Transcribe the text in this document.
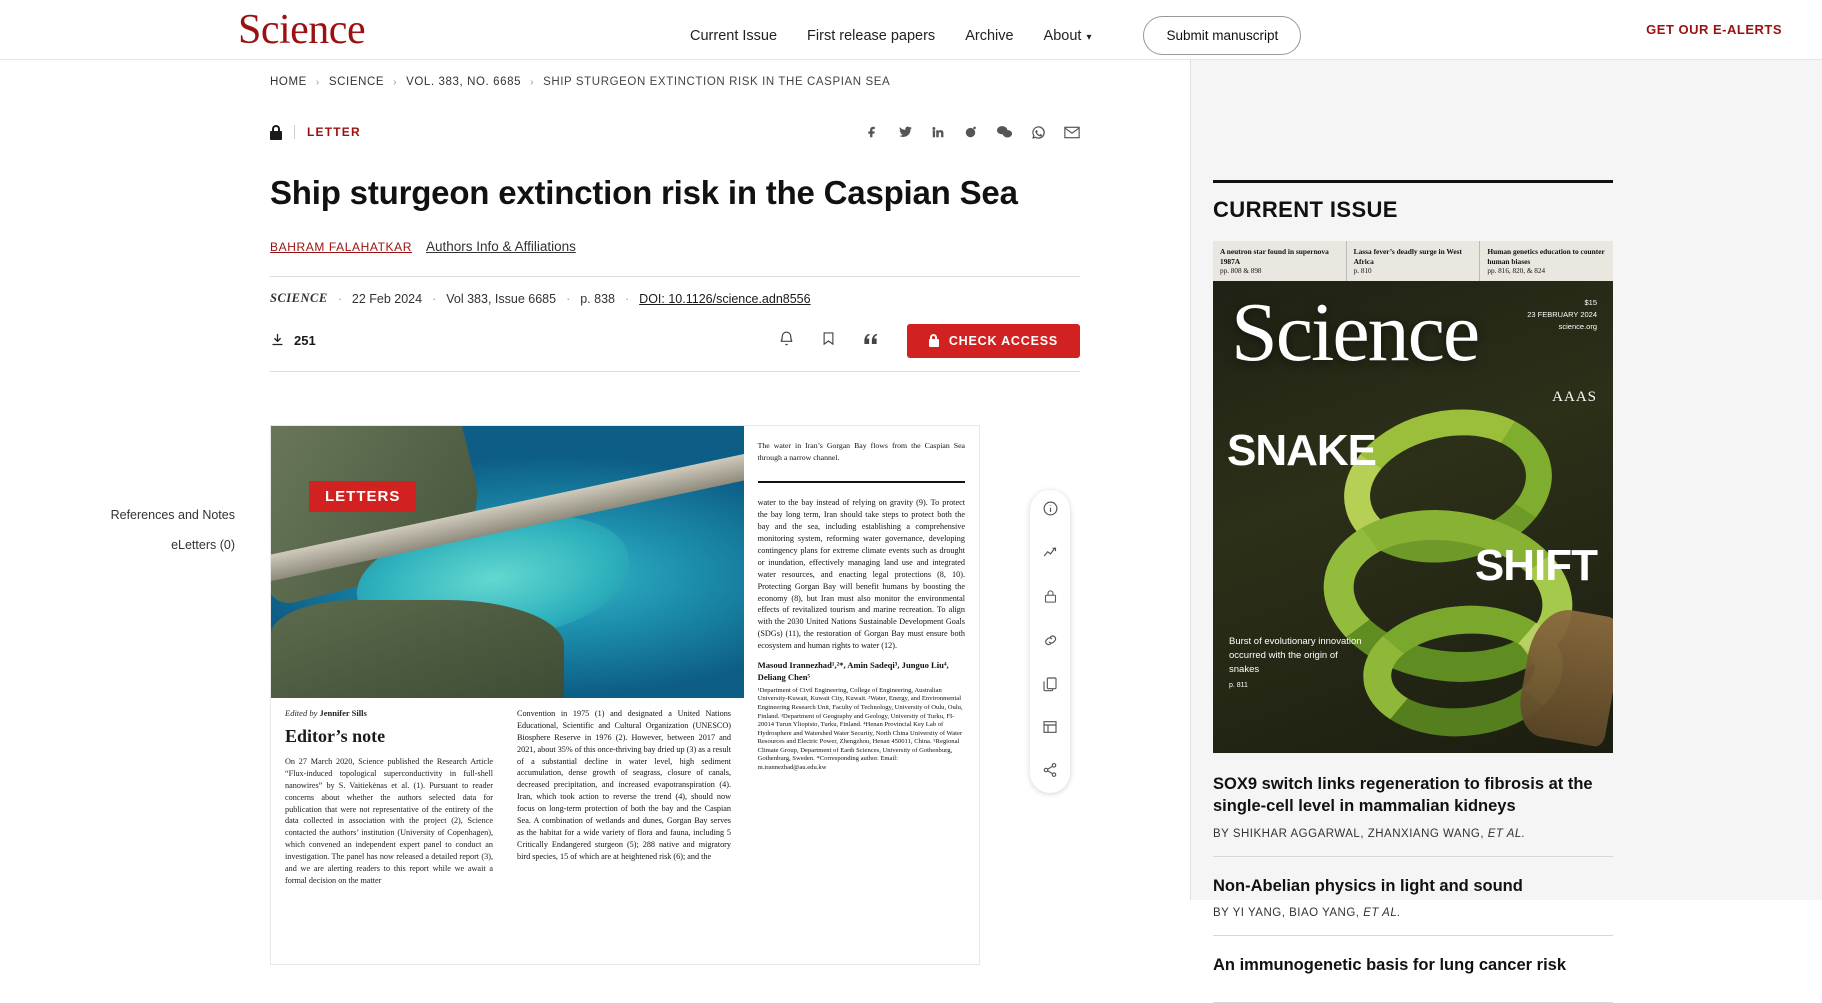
Science	Current Issue First release papers Archive About ▾	Submit manuscript	GET OUR E-ALERTS
HOME › SCIENCE › VOL. 383, NO. 6685 › SHIP STURGEON EXTINCTION RISK IN THE CASPIAN SEA
References and Notes
eLetters (0)
LETTER
Ship sturgeon extinction risk in the Caspian Sea
BAHRAM FALAHATKAR Authors Info & Affiliations
SCIENCE · 22 Feb 2024 · Vol 383, Issue 6685 · p. 838 · DOI: 10.1126/science.adn8556
251	CHECK ACCESS
LETTERS

The water in Iran’s Gorgan Bay flows from the Caspian Sea through a narrow channel.

water to the bay instead of relying on gravity (9). To protect the bay long term, Iran should take steps to protect both the bay and the sea, including establishing a comprehensive monitoring system, reforming water governance, developing contingency plans for extreme climate events such as drought or inundation, effectively managing land use and integrated water resources, and enacting legal protections (8, 10). Protecting Gorgan Bay will benefit humans by boosting the economy (8), but Iran must also monitor the environmental effects of revitalized tourism and marine recreation. To align with the 2030 United Nations Sustainable Development Goals (SDGs) (11), the restoration of Gorgan Bay must ensure both ecosystem and human rights to water (12).

Masoud Irannezhad¹,²*, Amin Sadeqi³, Junguo Liu⁴, Deliang Chen⁵
¹Department of Civil Engineering, College of Engineering, Australian University-Kuwait, Kuwait City, Kuwait. ²Water, Energy, and Environmental Engineering Research Unit, Faculty of Technology, University of Oulu, Oulu, Finland. ³Department of Geography and Geology, University of Turku, FI-20014 Turun Yliopisto, Turku, Finland. ⁴Henan Provincial Key Lab of Hydrosphere and Watershed Water Security, North China University of Water Resources and Electric Power, Zhengzhou, Henan 450011, China. ⁵Regional Climate Group, Department of Earth Sciences, University of Gothenburg, Gothenburg, Sweden. *Corresponding author. Email: m.irannezhad@au.edu.kw
Edited by Jennifer Sills
Editor’s note

On 27 March 2020, Science published the Research Article “Flux-induced topological superconductivity in full-shell nanowires” by S. Vaitiekėnas et al. (1). Pursuant to reader concerns about whether the authors selected data for publication that were not representative of the entirety of the data collected in association with the project (2), Science contacted the authors’ institution (University of Copenhagen), which convened an independent expert panel to conduct an investigation. The panel has now released a detailed report (3), and we are alerting readers to this report while we await a formal decision on the matter

Convention in 1975 (1) and designated a United Nations Educational, Scientific and Cultural Organization (UNESCO) Biosphere Reserve in 1976 (2). However, between 2017 and 2021, about 35% of this once-thriving bay dried up (3) as a result of a substantial decline in water level, high sediment accumulation, dense growth of seagrass, closure of canals, decreased precipitation, and increased evapotranspiration (4). Iran, which took action to reverse the trend (4), should now focus on long-term protection of both the bay and the Caspian Sea. A combination of wetlands and dunes, Gorgan Bay serves as the habitat for a wide variety of flora and fauna, including 5 Critically Endangered sturgeon (5); 288 native and migratory bird species, 15 of which are at heightened risk (6); and the

CURRENT ISSUE
A neutron star found in supernova 1987A
pp. 808 & 898
Lassa fever’s deadly surge in West Africa
p. 810
Human genetics education to counter human biases
pp. 816, 820, & 824
Science	$15
23 FEBRUARY 2024
science.org
AAAS
SNAKE
SHIFT
Burst of evolutionary innovation occurred with the origin of snakes
p. 811
SOX9 switch links regeneration to fibrosis at the single-cell level in mammalian kidneys
BY SHIKHAR AGGARWAL, ZHANXIANG WANG, ET AL.
Non-Abelian physics in light and sound
BY YI YANG, BIAO YANG, ET AL.
An immunogenetic basis for lung cancer risk
